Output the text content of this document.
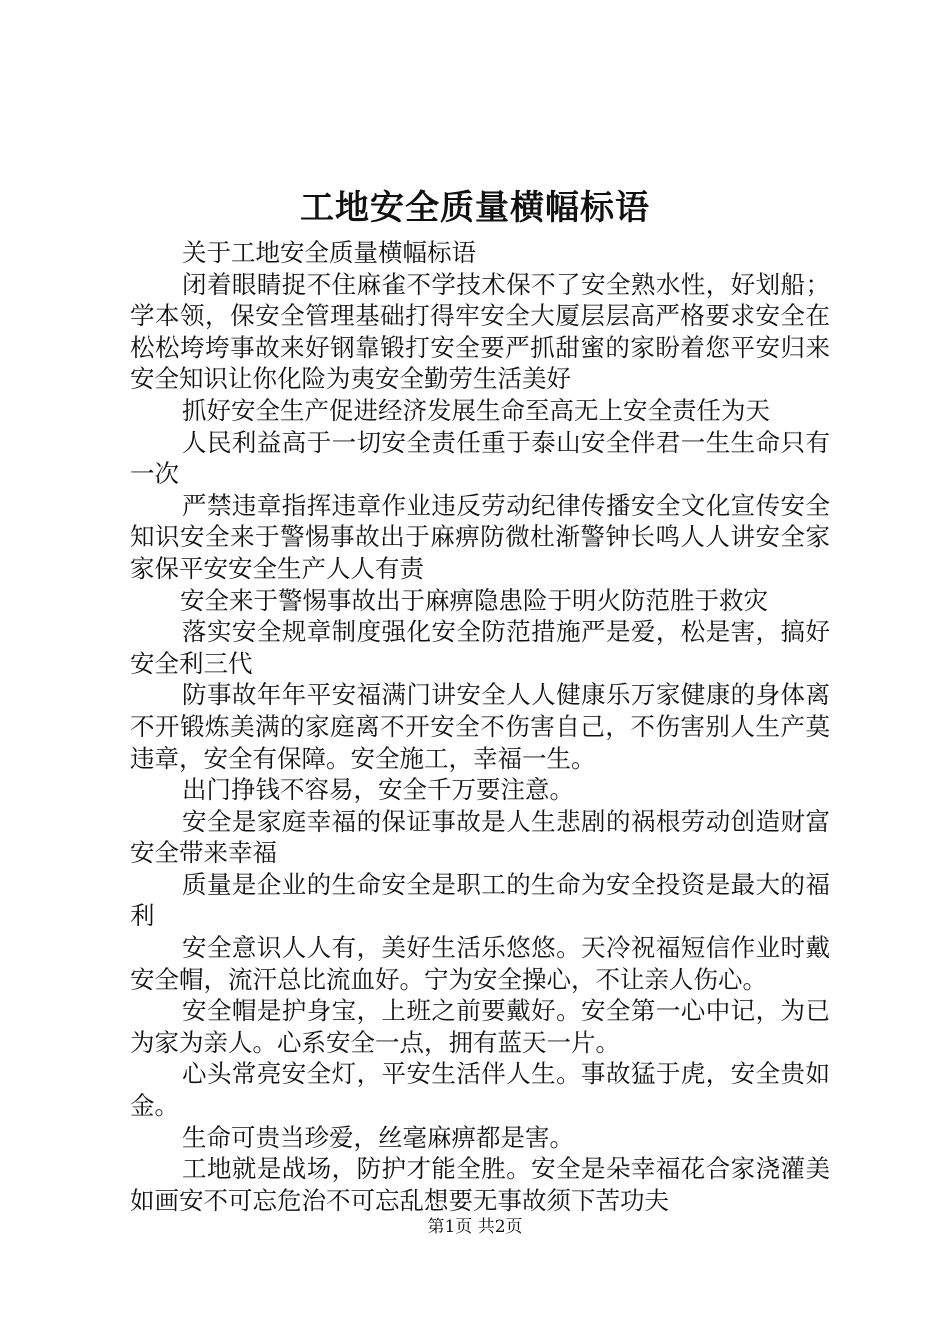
工地安全质量横幅标语

关于工地安全质量横幅标语

闭着眼睛捉不住麻雀不学技术保不了安全熟水性，好划船；学本领，保安全管理基础打得牢安全大厦层层高严格要求安全在松松垮垮事故来好钢靠锻打安全要严抓甜蜜的家盼着您平安归来安全知识让你化险为夷安全勤劳生活美好

抓好安全生产促进经济发展生命至高无上安全责任为天

人民利益高于一切安全责任重于泰山安全伴君一生生命只有一次

严禁违章指挥违章作业违反劳动纪律传播安全文化宣传安全知识安全来于警惕事故出于麻痹防微杜渐警钟长鸣人人讲安全家家保平安安全生产人人有责

安全来于警惕事故出于麻痹隐患险于明火防范胜于救灾

落实安全规章制度强化安全防范措施严是爱，松是害，搞好安全利三代

防事故年年平安福满门讲安全人人健康乐万家健康的身体离不开锻炼美满的家庭离不开安全不伤害自己，不伤害别人生产莫违章，安全有保障。安全施工，幸福一生。

出门挣钱不容易，安全千万要注意。

安全是家庭幸福的保证事故是人生悲剧的祸根劳动创造财富安全带来幸福

质量是企业的生命安全是职工的生命为安全投资是最大的福利

安全意识人人有，美好生活乐悠悠。天冷祝福短信作业时戴安全帽，流汗总比流血好。宁为安全操心，不让亲人伤心。

安全帽是护身宝，上班之前要戴好。安全第一心中记，为已为家为亲人。心系安全一点，拥有蓝天一片。

心头常亮安全灯，平安生活伴人生。事故猛于虎，安全贵如金。

生命可贵当珍爱，丝毫麻痹都是害。

工地就是战场，防护才能全胜。安全是朵幸福花合家浇灌美如画安不可忘危治不可忘乱想要无事故须下苦功夫

第1页 共2页
